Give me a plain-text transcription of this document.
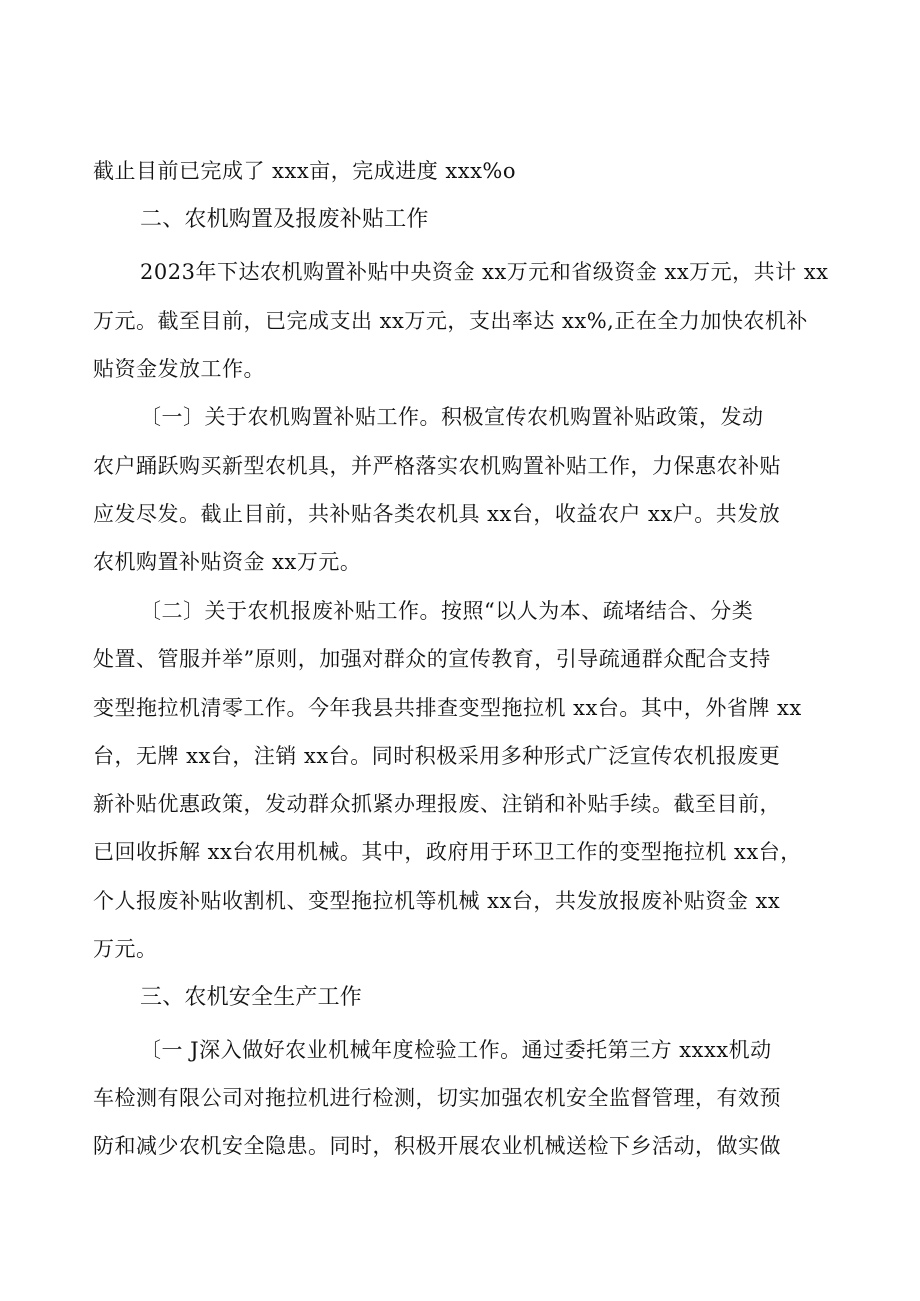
截止目前已完成了 xxx亩，完成进度 xxx%o
二、农机购置及报废补贴工作
2023年下达农机购置补贴中央资金 xx万元和省级资金 xx万元，共计 xx
万元。截至目前，已完成支出 xx万元，支出率达 xx%,正在全力加快农机补
贴资金发放工作。
〔一〕关于农机购置补贴工作。积极宣传农机购置补贴政策，发动
农户踊跃购买新型农机具，并严格落实农机购置补贴工作，力保惠农补贴
应发尽发。截止目前，共补贴各类农机具 xx台，收益农户 xx户。共发放
农机购置补贴资金 xx万元。
〔二〕关于农机报废补贴工作。按照“以人为本、疏堵结合、分类
处置、管服并举”原则，加强对群众的宣传教育，引导疏通群众配合支持
变型拖拉机清零工作。今年我县共排查变型拖拉机 xx台。其中，外省牌 xx
台，无牌 xx台，注销 xx台。同时积极采用多种形式广泛宣传农机报废更
新补贴优惠政策，发动群众抓紧办理报废、注销和补贴手续。截至目前，
已回收拆解 xx台农用机械。其中，政府用于环卫工作的变型拖拉机 xx台，
个人报废补贴收割机、变型拖拉机等机械 xx台，共发放报废补贴资金 xx
万元。
三、农机安全生产工作
〔一 J深入做好农业机械年度检验工作。通过委托第三方 xxxx机动
车检测有限公司对拖拉机进行检测，切实加强农机安全监督管理，有效预
防和减少农机安全隐患。同时，积极开展农业机械送检下乡活动，做实做
